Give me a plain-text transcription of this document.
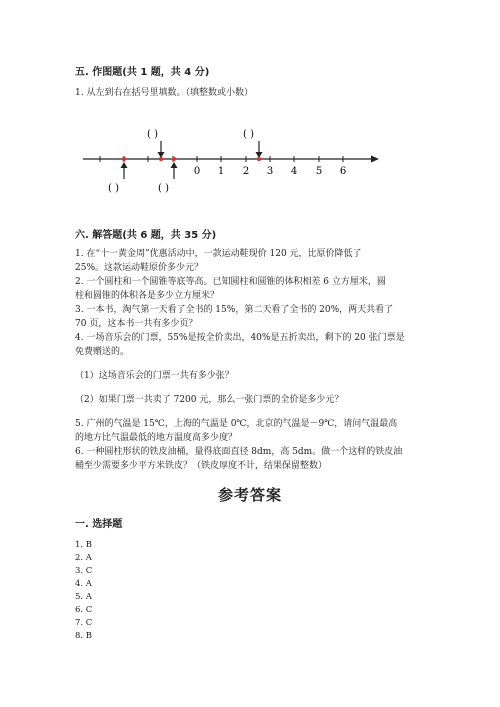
五. 作图题(共 1 题，共 4 分)
1. 从左到右在括号里填数。（填整数或小数）
( )	( )
( )	( )
0 1 2 3 4 5 6
六. 解答题(共 6 题，共 35 分)
1. 在“十一黄金周”优惠活动中，一款运动鞋现价 120 元，比原价降低了
25%。这款运动鞋原价多少元？
2. 一个圆柱和一个圆锥等底等高。已知圆柱和圆锥的体积相差 6 立方厘米，圆
柱和圆锥的体积各是多少立方厘米？
3. 一本书，淘气第一天看了全书的 15%，第二天看了全书的 20%，两天共看了
70 页，这本书一共有多少页？
4. 一场音乐会的门票，55%是按全价卖出，40%是五折卖出，剩下的 20 张门票是
免费赠送的。
（1）这场音乐会的门票一共有多少张？
（2）如果门票一共卖了 7200 元，那么一张门票的全价是多少元？
5. 广州的气温是 15℃，上海的气温是 0℃，北京的气温是－9℃，请问气温最高
的地方比气温最低的地方温度高多少度？
6. 一种圆柱形状的铁皮油桶，量得底面直径 8dm，高 5dm。做一个这样的铁皮油
桶至少需要多少平方米铁皮？（铁皮厚度不计，结果保留整数）
参考答案
一. 选择题
1. B
2. A
3. C
4. A
5. A
6. C
7. C
8. B
